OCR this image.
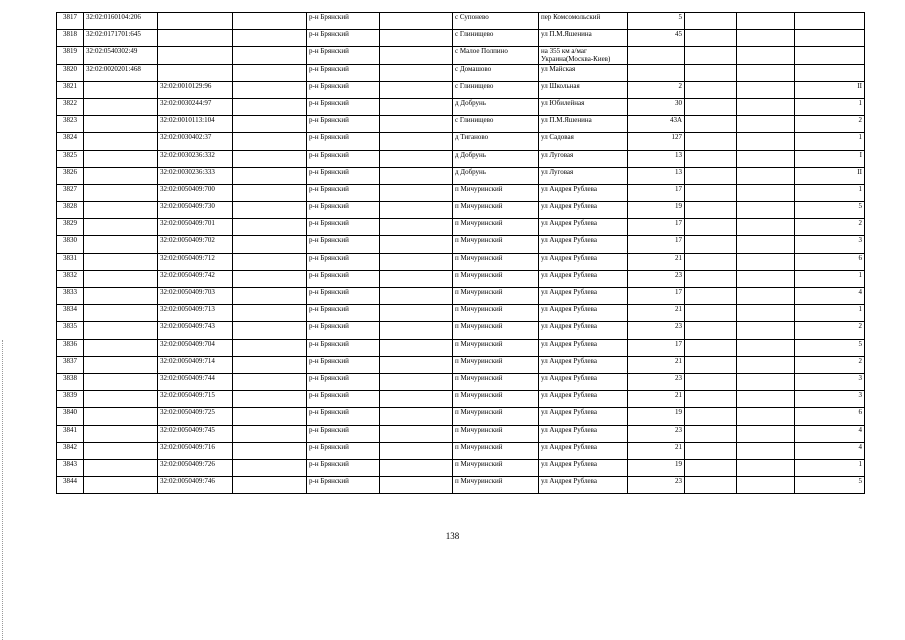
3817	32:02:0160104:206			р-н Брянский		с Супонево	пер Комсомольский	5			
3818	32:02:0171701:645			р-н Брянский		с Глинищево	ул П.М.Яшенина	45			
3819	32:02:0540302:49			р-н Брянский		с Малое Полпино	на 355 км а/маг Украина(Москва-Киев)				
3820	32:02:0020201:468			р-н Брянский		с Домашово	ул Майская				
3821		32:02:0010129:96		р-н Брянский		с Глинищево	ул Школьная	2			II
3822		32:02:0030244:97		р-н Брянский		д Добрунь	ул Юбилейная	30			1
3823		32:02:0010113:104		р-н Брянский		с Глинищево	ул П.М.Яшенина	43А			2
3824		32:02:0030402:37		р-н Брянский		д Тиганово	ул Садовая	127			1
3825		32:02:0030236:332		р-н Брянский		д Добрунь	ул Луговая	13			I
3826		32:02:0030236:333		р-н Брянский		д Добрунь	ул Луговая	13			II
3827		32:02:0050409:700		р-н Брянский		п Мичуринский	ул Андрея Рублева	17			1
3828		32:02:0050409:730		р-н Брянский		п Мичуринский	ул Андрея Рублева	19			5
3829		32:02:0050409:701		р-н Брянский		п Мичуринский	ул Андрея Рублева	17			2
3830		32:02:0050409:702		р-н Брянский		п Мичуринский	ул Андрея Рублева	17			3
3831		32:02:0050409:712		р-н Брянский		п Мичуринский	ул Андрея Рублева	21			6
3832		32:02:0050409:742		р-н Брянский		п Мичуринский	ул Андрея Рублева	23			1
3833		32:02:0050409:703		р-н Брянский		п Мичуринский	ул Андрея Рублева	17			4
3834		32:02:0050409:713		р-н Брянский		п Мичуринский	ул Андрея Рублева	21			1
3835		32:02:0050409:743		р-н Брянский		п Мичуринский	ул Андрея Рублева	23			2
3836		32:02:0050409:704		р-н Брянский		п Мичуринский	ул Андрея Рублева	17			5
3837		32:02:0050409:714		р-н Брянский		п Мичуринский	ул Андрея Рублева	21			2
3838		32:02:0050409:744		р-н Брянский		п Мичуринский	ул Андрея Рублева	23			3
3839		32:02:0050409:715		р-н Брянский		п Мичуринский	ул Андрея Рублева	21			3
3840		32:02:0050409:725		р-н Брянский		п Мичуринский	ул Андрея Рублева	19			6
3841		32:02:0050409:745		р-н Брянский		п Мичуринский	ул Андрея Рублева	23			4
3842		32:02:0050409:716		р-н Брянский		п Мичуринский	ул Андрея Рублева	21			4
3843		32:02:0050409:726		р-н Брянский		п Мичуринский	ул Андрея Рублева	19			1
3844		32:02:0050409:746		р-н Брянский		п Мичуринский	ул Андрея Рублева	23			5
138
